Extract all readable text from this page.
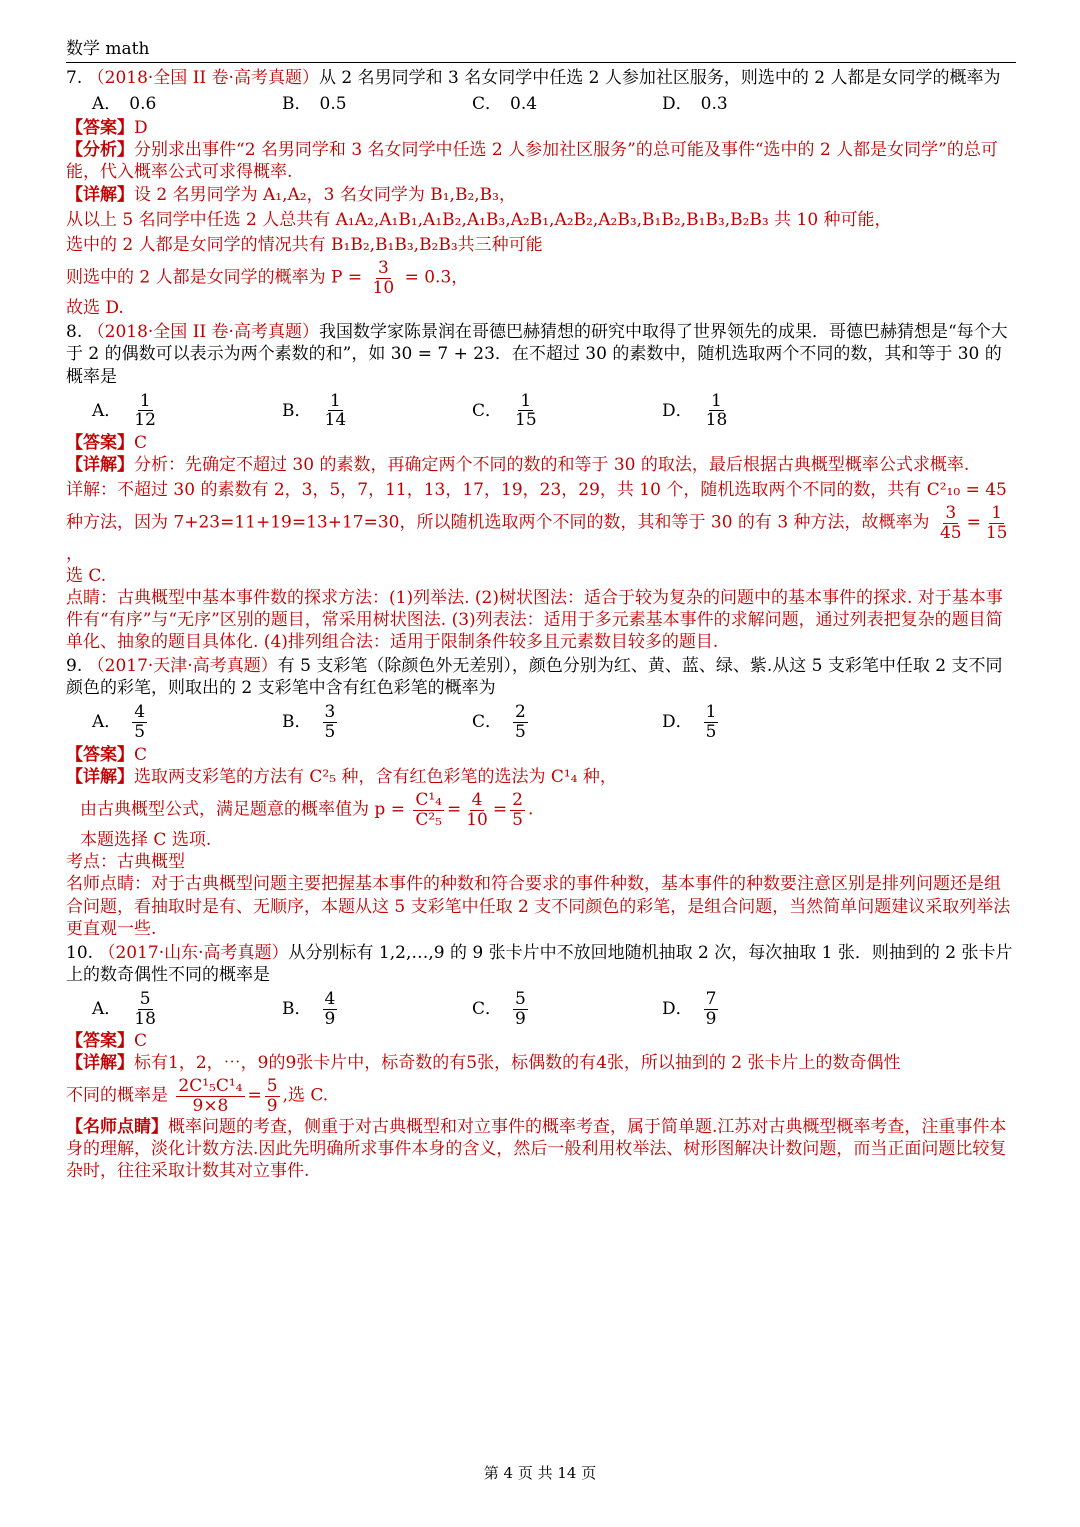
数学 math

7. （2018·全国 II 卷·高考真题）从 2 名男同学和 3 名女同学中任选 2 人参加社区服务，则选中的 2 人都是女同学的概率为

A． 0.6	B． 0.5	C． 0.4	D． 0.3

【答案】D

【分析】分别求出事件“2 名男同学和 3 名女同学中任选 2 人参加社区服务”的总可能及事件“选中的 2 人都是女同学”的总可能，代入概率公式可求得概率.

【详解】设 2 名男同学为 A₁,A₂，3 名女同学为 B₁,B₂,B₃，

从以上 5 名同学中任选 2 人总共有 A₁A₂,A₁B₁,A₁B₂,A₁B₃,A₂B₁,A₂B₂,A₂B₃,B₁B₂,B₁B₃,B₂B₃ 共 10 种可能，

选中的 2 人都是女同学的情况共有 B₁B₂,B₁B₃,B₂B₃共三种可能

则选中的 2 人都是女同学的概率为 $P = \frac{3}{10} = 0.3$，

故选 D.

8. （2018·全国 II 卷·高考真题）我国数学家陈景润在哥德巴赫猜想的研究中取得了世界领先的成果．哥德巴赫猜想是“每个大于 2 的偶数可以表示为两个素数的和”，如 30 = 7 + 23．在不超过 30 的素数中，随机选取两个不同的数，其和等于 30 的概率是

A． $\frac{1}{12}$	B． $\frac{1}{14}$	C． $\frac{1}{15}$	D． $\frac{1}{18}$

【答案】C

【详解】分析：先确定不超过 30 的素数，再确定两个不同的数的和等于 30 的取法，最后根据古典概型概率公式求概率.

详解：不超过 30 的素数有 2，3，5，7，11，13，17，19，23，29，共 10 个，随机选取两个不同的数，共有 C²₁₀ = 45

种方法，因为 7+23=11+19=13+17=30，所以随机选取两个不同的数，其和等于 30 的有 3 种方法，故概率为 $\frac{3}{45} = \frac{1}{15}$
，

选 C.

点睛：古典概型中基本事件数的探求方法：(1)列举法. (2)树状图法：适合于较为复杂的问题中的基本事件的探求. 对于基本事件有“有序”与“无序”区别的题目，常采用树状图法. (3)列表法：适用于多元素基本事件的求解问题，通过列表把复杂的题目简单化、抽象的题目具体化. (4)排列组合法：适用于限制条件较多且元素数目较多的题目.

9. （2017·天津·高考真题）有 5 支彩笔（除颜色外无差别），颜色分别为红、黄、蓝、绿、紫.从这 5 支彩笔中任取 2 支不同颜色的彩笔，则取出的 2 支彩笔中含有红色彩笔的概率为

A． $\frac{4}{5}$	B． $\frac{3}{5}$	C． $\frac{2}{5}$	D． $\frac{1}{5}$

【答案】C

【详解】选取两支彩笔的方法有 C²₅ 种，含有红色彩笔的选法为 C¹₄ 种，

由古典概型公式，满足题意的概率值为 $p = \frac{\text{C¹₄}}{\text{C²₅}} = \frac{4}{10} = \frac{2}{5}$ .

本题选择 C 选项.

考点：古典概型

名师点睛：对于古典概型问题主要把握基本事件的种数和符合要求的事件种数，基本事件的种数要注意区别是排列问题还是组合问题，看抽取时是有、无顺序，本题从这 5 支彩笔中任取 2 支不同颜色的彩笔，是组合问题，当然简单问题建议采取列举法更直观一些.

10. （2017·山东·高考真题）从分别标有 1,2,…,9 的 9 张卡片中不放回地随机抽取 2 次，每次抽取 1 张．则抽到的 2 张卡片上的数奇偶性不同的概率是

A． $\frac{5}{18}$	B． $\frac{4}{9}$	C． $\frac{5}{9}$	D． $\frac{7}{9}$

【答案】C

【详解】标有1，2，⋯，9的9张卡片中，标奇数的有5张，标偶数的有4张，所以抽到的 2 张卡片上的数奇偶性

不同的概率是 $\frac{\text{2C¹₅C¹₄}}{9\times 8} = \frac{5}{9}$ ,选 C.

【名师点睛】概率问题的考查，侧重于对古典概型和对立事件的概率考查，属于简单题.江苏对古典概型概率考查，注重事件本身的理解，淡化计数方法.因此先明确所求事件本身的含义，然后一般利用枚举法、树形图解决计数问题，而当正面问题比较复杂时，往往采取计数其对立事件.

第 4 页 共 14 页
